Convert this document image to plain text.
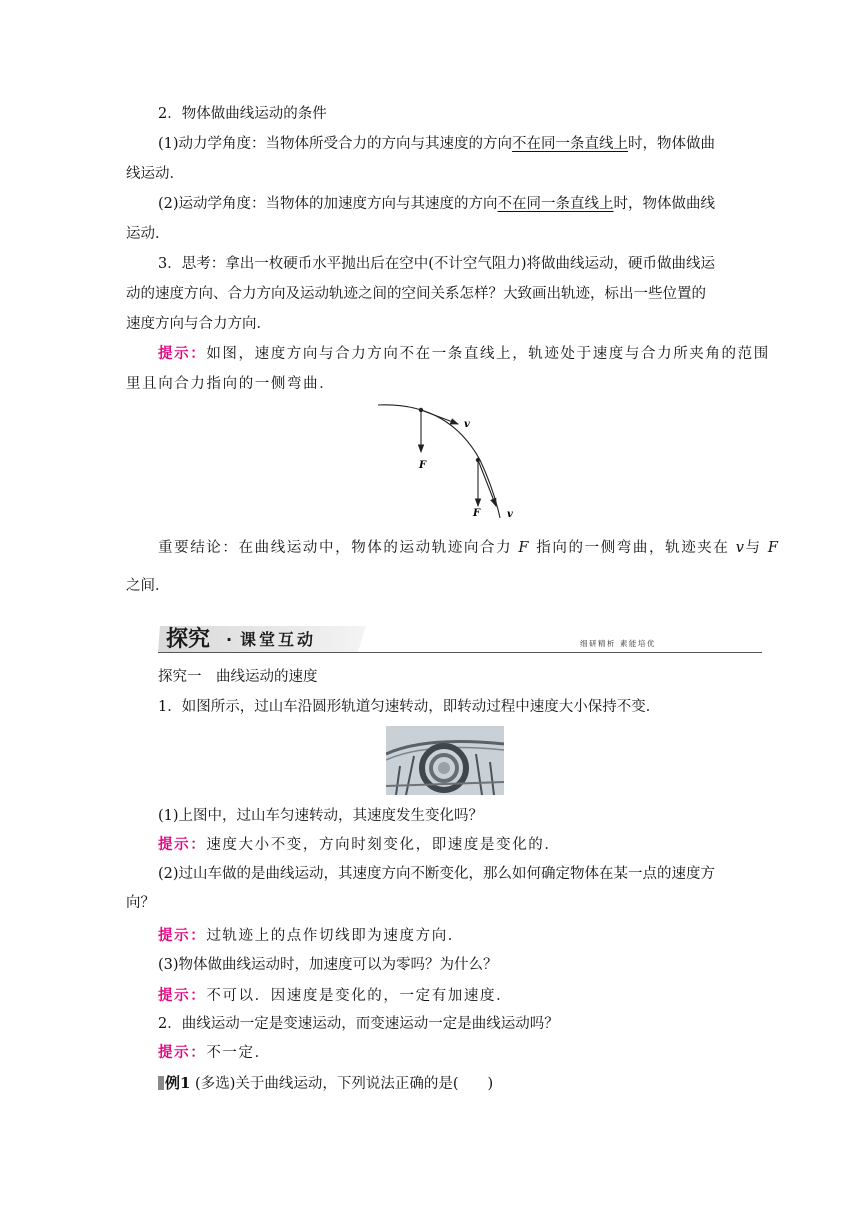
2．物体做曲线运动的条件
(1)动力学角度：当物体所受合力的方向与其速度的方向不在同一条直线上时，物体做曲
线运动．
(2)运动学角度：当物体的加速度方向与其速度的方向不在同一条直线上时，物体做曲线
运动．
3．思考：拿出一枚硬币水平抛出后在空中(不计空气阻力)将做曲线运动，硬币做曲线运
动的速度方向、合力方向及运动轨迹之间的空间关系怎样？大致画出轨迹，标出一些位置的
速度方向与合力方向．
提示：如图，速度方向与合力方向不在一条直线上，轨迹处于速度与合力所夹角的范围
里且向合力指向的一侧弯曲．
v
F
F	v
重要结论：在曲线运动中，物体的运动轨迹向合力 F 指向的一侧弯曲，轨迹夹在 v与 F
之间．
探究 · 课堂互动	细研精析 素能培优
探究一　曲线运动的速度
1．如图所示，过山车沿圆形轨道匀速转动，即转动过程中速度大小保持不变．
(1)上图中，过山车匀速转动，其速度发生变化吗？
提示：速度大小不变，方向时刻变化，即速度是变化的．
(2)过山车做的是曲线运动，其速度方向不断变化，那么如何确定物体在某一点的速度方
向？
提示：过轨迹上的点作切线即为速度方向．
(3)物体做曲线运动时，加速度可以为零吗？为什么？
提示：不可以．因速度是变化的，一定有加速度．
2．曲线运动一定是变速运动，而变速运动一定是曲线运动吗？
提示：不一定．
例1 (多选)关于曲线运动，下列说法正确的是(　　)
